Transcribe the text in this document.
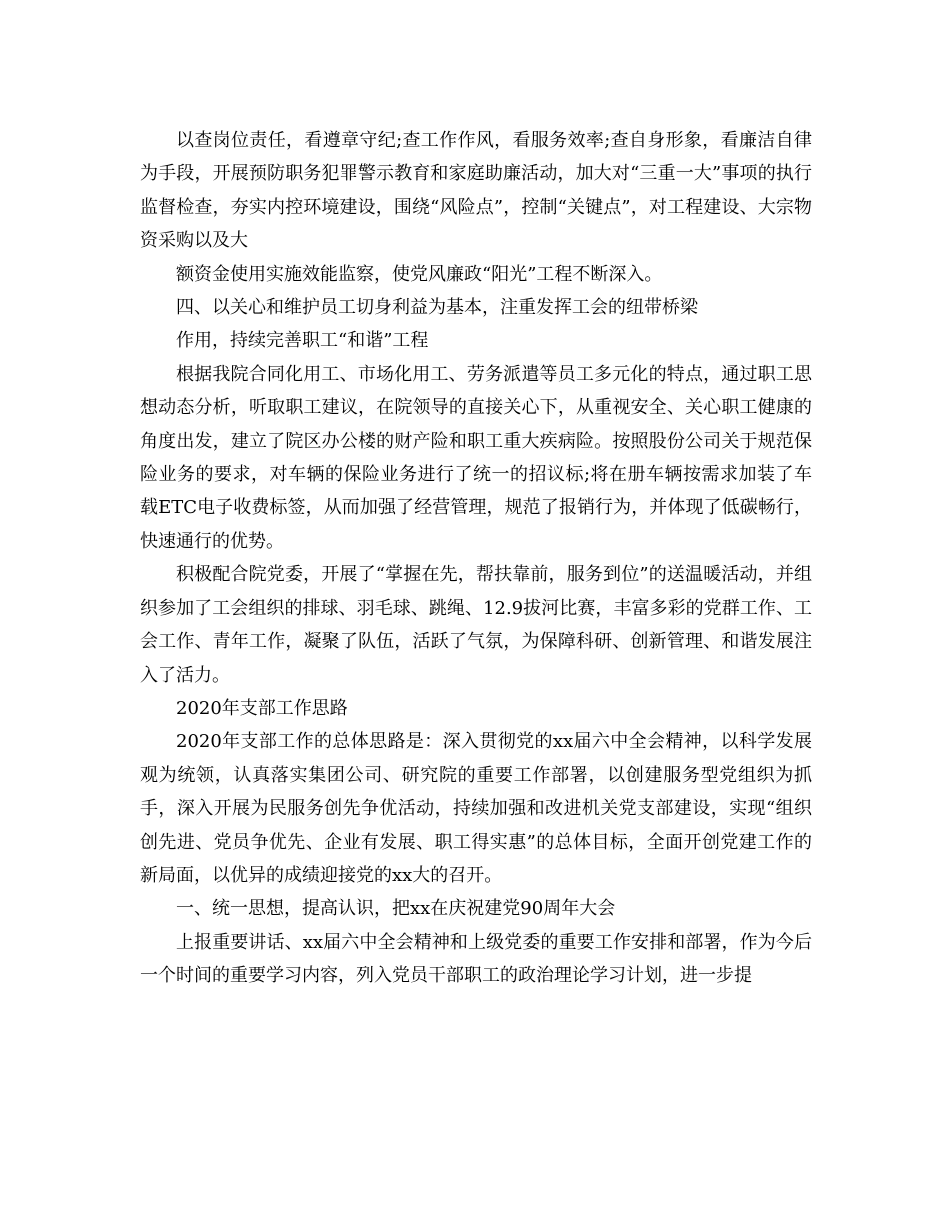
以查岗位责任，看遵章守纪;查工作作风，看服务效率;查自身形象，看廉洁自律为手段，开展预防职务犯罪警示教育和家庭助廉活动，加大对“三重一大”事项的执行监督检查，夯实内控环境建设，围绕“风险点”，控制“关键点”，对工程建设、大宗物资采购以及大

额资金使用实施效能监察，使党风廉政“阳光”工程不断深入。

四、以关心和维护员工切身利益为基本，注重发挥工会的纽带桥梁

作用，持续完善职工“和谐”工程

根据我院合同化用工、市场化用工、劳务派遣等员工多元化的特点，通过职工思想动态分析，听取职工建议，在院领导的直接关心下，从重视安全、关心职工健康的角度出发，建立了院区办公楼的财产险和职工重大疾病险。按照股份公司关于规范保险业务的要求，对车辆的保险业务进行了统一的招议标;将在册车辆按需求加装了车载ETC电子收费标签，从而加强了经营管理，规范了报销行为，并体现了低碳畅行，快速通行的优势。

积极配合院党委，开展了“掌握在先，帮扶靠前，服务到位”的送温暖活动，并组织参加了工会组织的排球、羽毛球、跳绳、12.9拔河比赛，丰富多彩的党群工作、工会工作、青年工作，凝聚了队伍，活跃了气氛，为保障科研、创新管理、和谐发展注入了活力。

2020年支部工作思路

2020年支部工作的总体思路是：深入贯彻党的xx届六中全会精神，以科学发展观为统领，认真落实集团公司、研究院的重要工作部署，以创建服务型党组织为抓手，深入开展为民服务创先争优活动，持续加强和改进机关党支部建设，实现“组织创先进、党员争优先、企业有发展、职工得实惠”的总体目标，全面开创党建工作的新局面，以优异的成绩迎接党的xx大的召开。

一、统一思想，提高认识，把xx在庆祝建党90周年大会

上报重要讲话、xx届六中全会精神和上级党委的重要工作安排和部署，作为今后一个时间的重要学习内容，列入党员干部职工的政治理论学习计划，进一步提
